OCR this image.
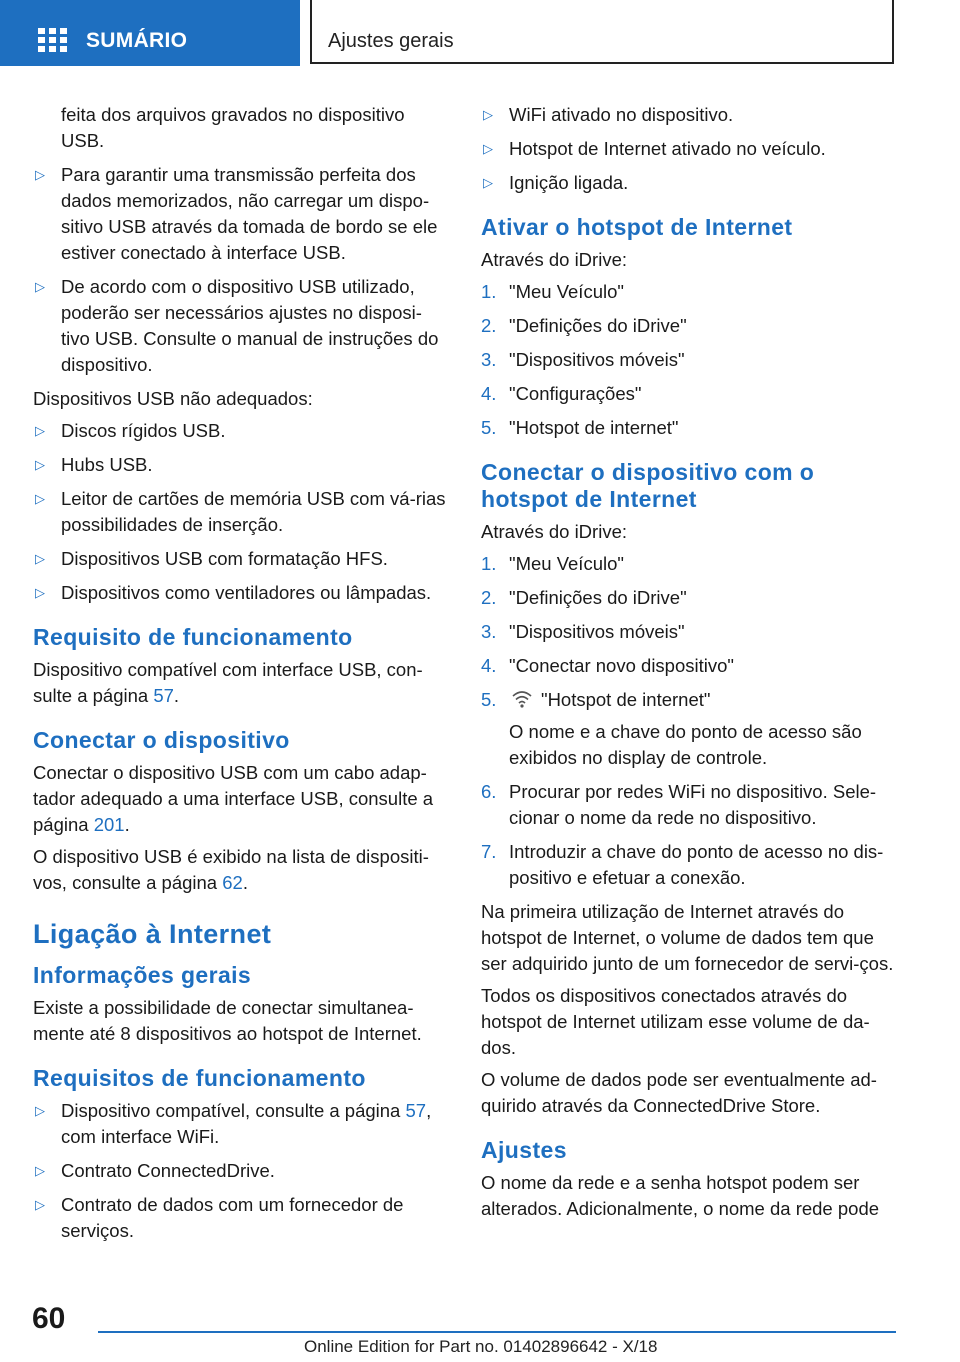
SUMÁRIO	Ajustes gerais

feita dos arquivos gravados no dispositivo USB.

▷ Para garantir uma transmissão perfeita dos dados memorizados, não carregar um dispo‐sitivo USB através da tomada de bordo se ele estiver conectado à interface USB.
▷ De acordo com o dispositivo USB utilizado, poderão ser necessários ajustes no disposi‐tivo USB. Consulte o manual de instruções do dispositivo.

Dispositivos USB não adequados:

▷ Discos rígidos USB.
▷ Hubs USB.
▷ Leitor de cartões de memória USB com vá‐rias possibilidades de inserção.
▷ Dispositivos USB com formatação HFS.
▷ Dispositivos como ventiladores ou lâmpadas.
Requisito de funcionamento

Dispositivo compatível com interface USB, con‐sulte a página 57.

Conectar o dispositivo

Conectar o dispositivo USB com um cabo adap‐tador adequado a uma interface USB, consulte a página 201.

O dispositivo USB é exibido na lista de dispositi‐vos, consulte a página 62.

Ligação à Internet
Informações gerais

Existe a possibilidade de conectar simultanea‐mente até 8 dispositivos ao hotspot de Internet.

Requisitos de funcionamento
▷ Dispositivo compatível, consulte a página 57, com interface WiFi.
▷ Contrato ConnectedDrive.
▷ Contrato de dados com um fornecedor de serviços.
▷ WiFi ativado no dispositivo.
▷ Hotspot de Internet ativado no veículo.
▷ Ignição ligada.
Ativar o hotspot de Internet

Através do iDrive:

1. "Meu Veículo"
2. "Definições do iDrive"
3. "Dispositivos móveis"
4. "Configurações"
5. "Hotspot de internet"
Conectar o dispositivo com o hotspot de Internet

Através do iDrive:

1. "Meu Veículo"
2. "Definições do iDrive"
3. "Dispositivos móveis"
4. "Conectar novo dispositivo"
5. "Hotspot de internet"
O nome e a chave do ponto de acesso são exibidos no display de controle.
6. Procurar por redes WiFi no dispositivo. Sele‐cionar o nome da rede no dispositivo.
7. Introduzir a chave do ponto de acesso no dis‐positivo e efetuar a conexão.

Na primeira utilização de Internet através do hotspot de Internet, o volume de dados tem que ser adquirido junto de um fornecedor de servi‐ços.

Todos os dispositivos conectados através do hotspot de Internet utilizam esse volume de da‐dos.

O volume de dados pode ser eventualmente ad‐quirido através da ConnectedDrive Store.

Ajustes

O nome da rede e a senha hotspot podem ser alterados. Adicionalmente, o nome da rede pode

60
Online Edition for Part no. 01402896642 - X/18
